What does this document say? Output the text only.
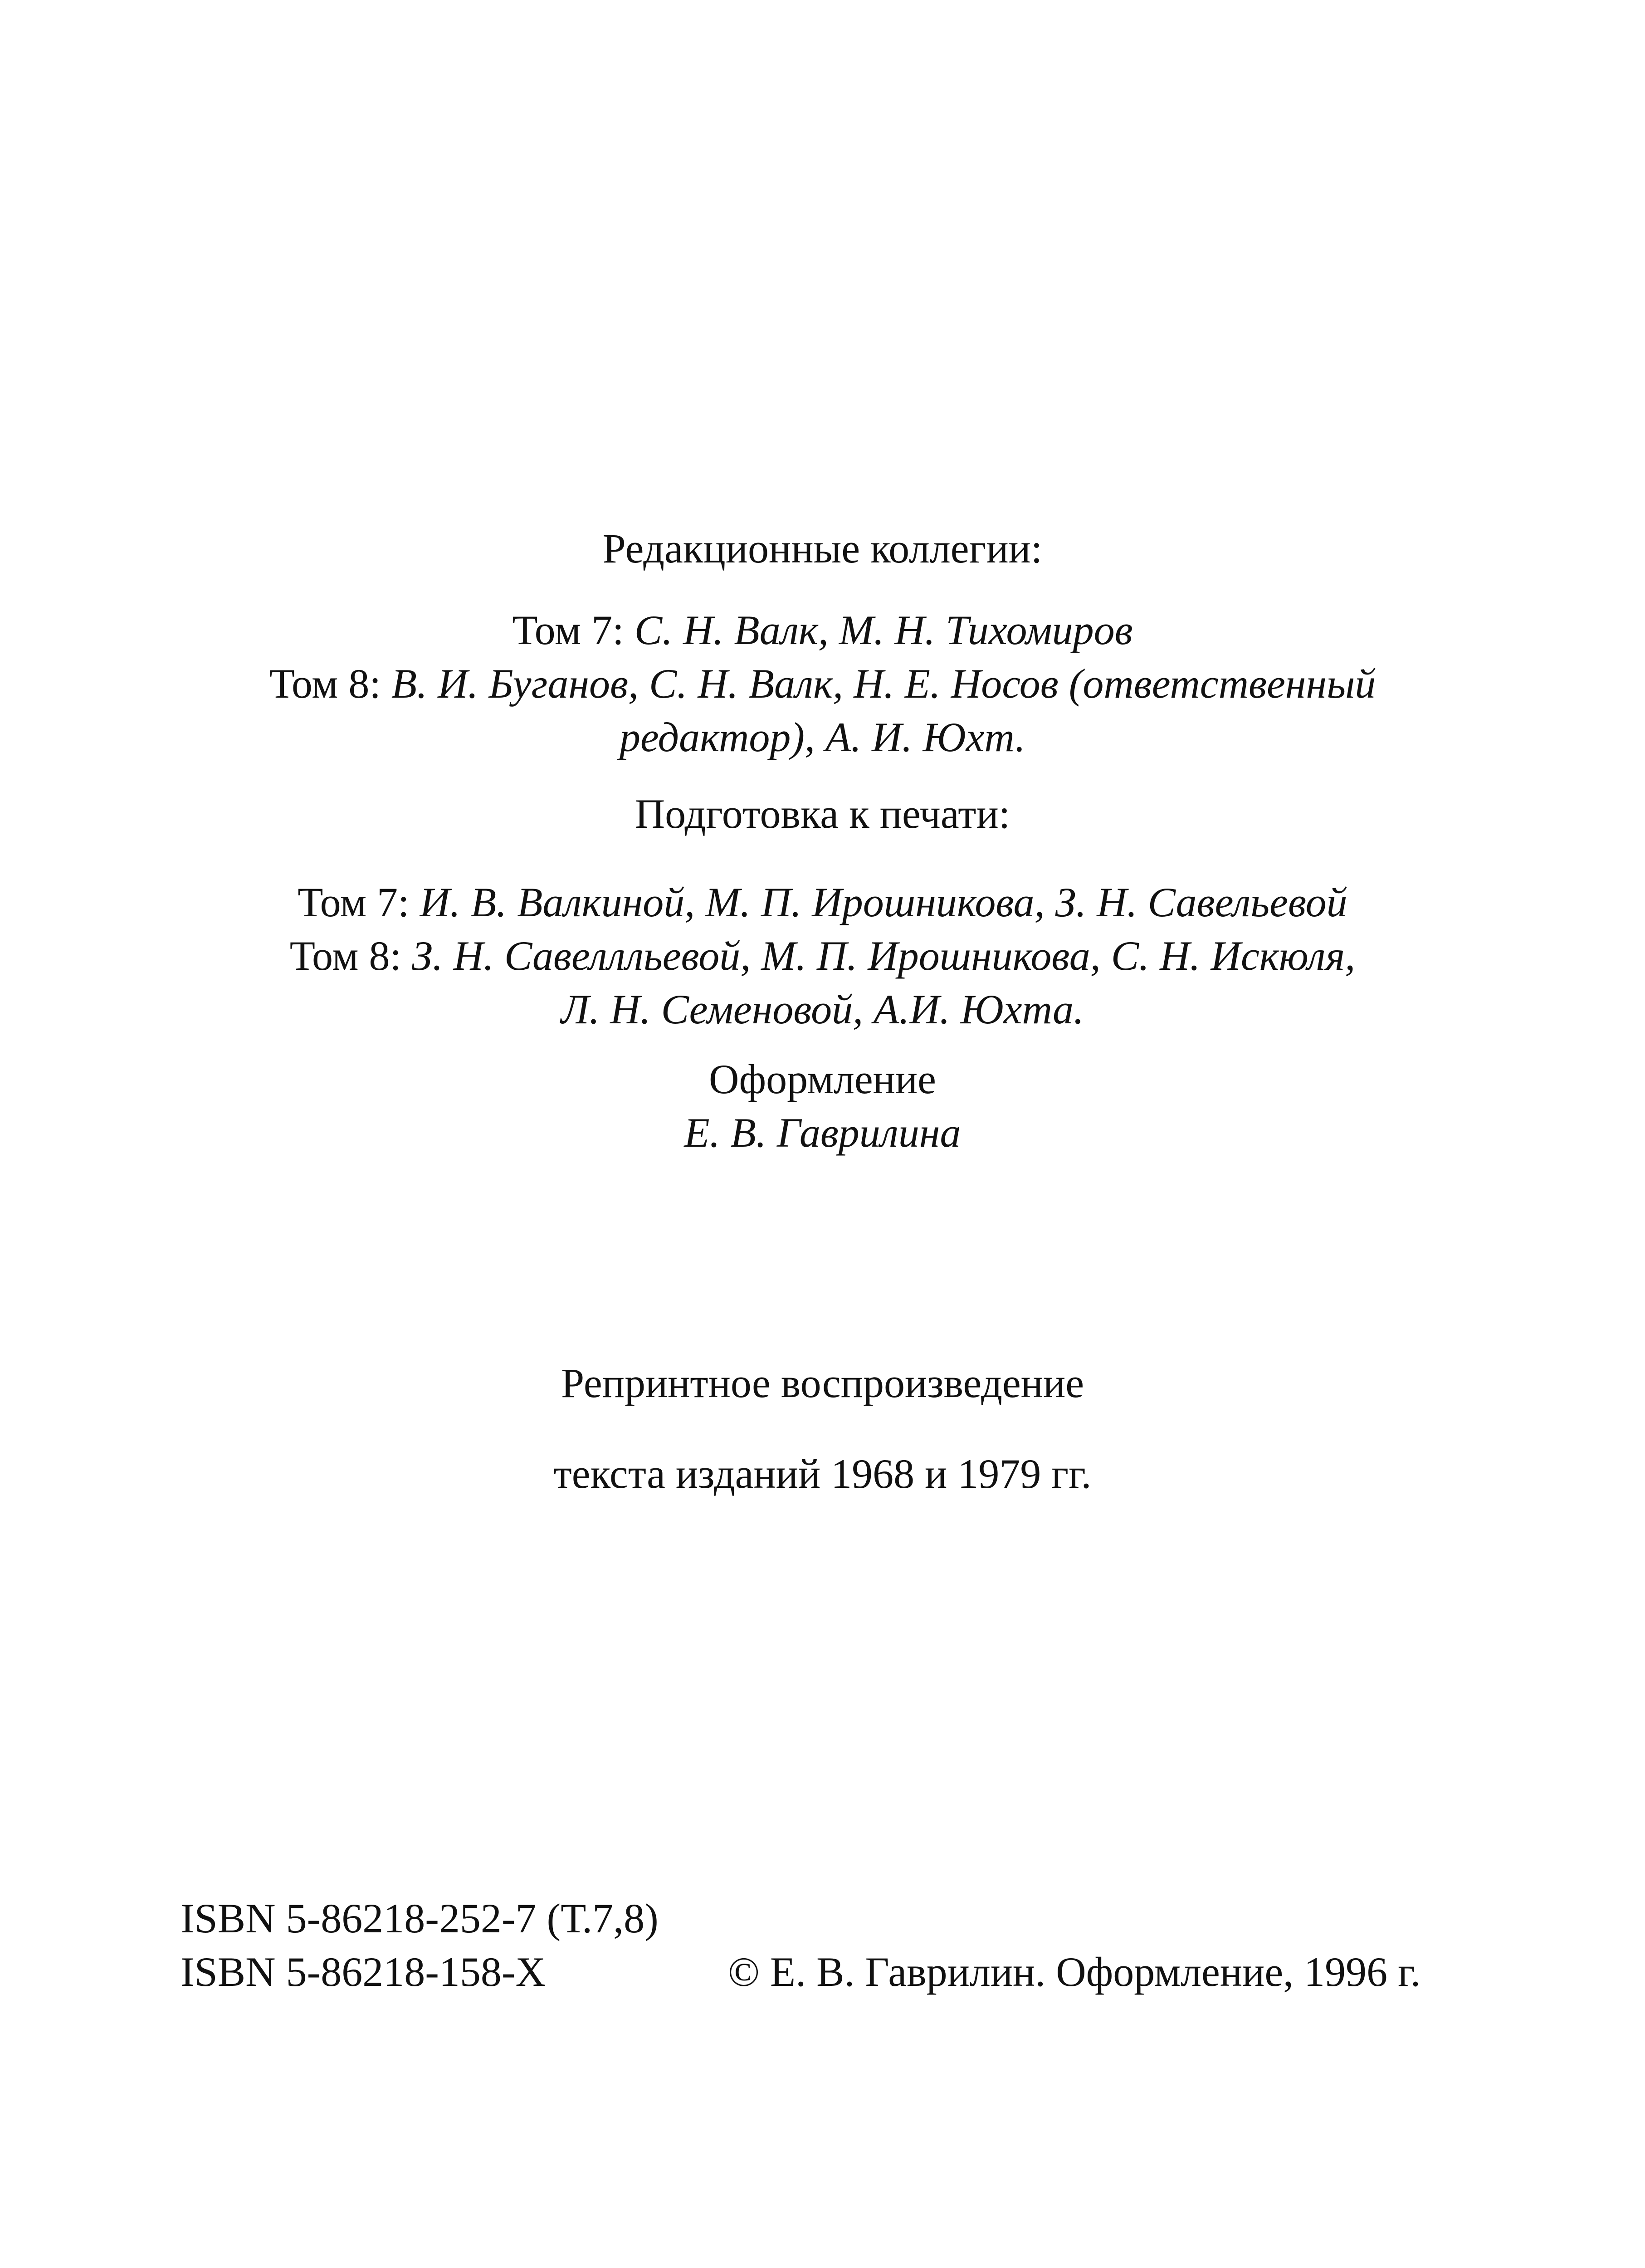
Редакционные коллегии:
Том 7: С. Н. Валк, М. Н. Тихомиров
Том 8: В. И. Буганов, С. Н. Валк, Н. Е. Носов (ответственный
редактор), А. И. Юхт.
Подготовка к печати:
Том 7: И. В. Валкиной, М. П. Ирошникова, З. Н. Савельевой
Том 8: З. Н. Савеллльевой, М. П. Ирошникова, С. Н. Искюля,
Л. Н. Семеновой, А.И. Юхта.
Оформление
Е. В. Гаврилина
Репринтное воспроизведение
текста изданий 1968 и 1979 гг.
ISBN 5-86218-252-7 (Т.7,8)
ISBN 5-86218-158-Х	© Е. В. Гаврилин. Оформление, 1996 г.
